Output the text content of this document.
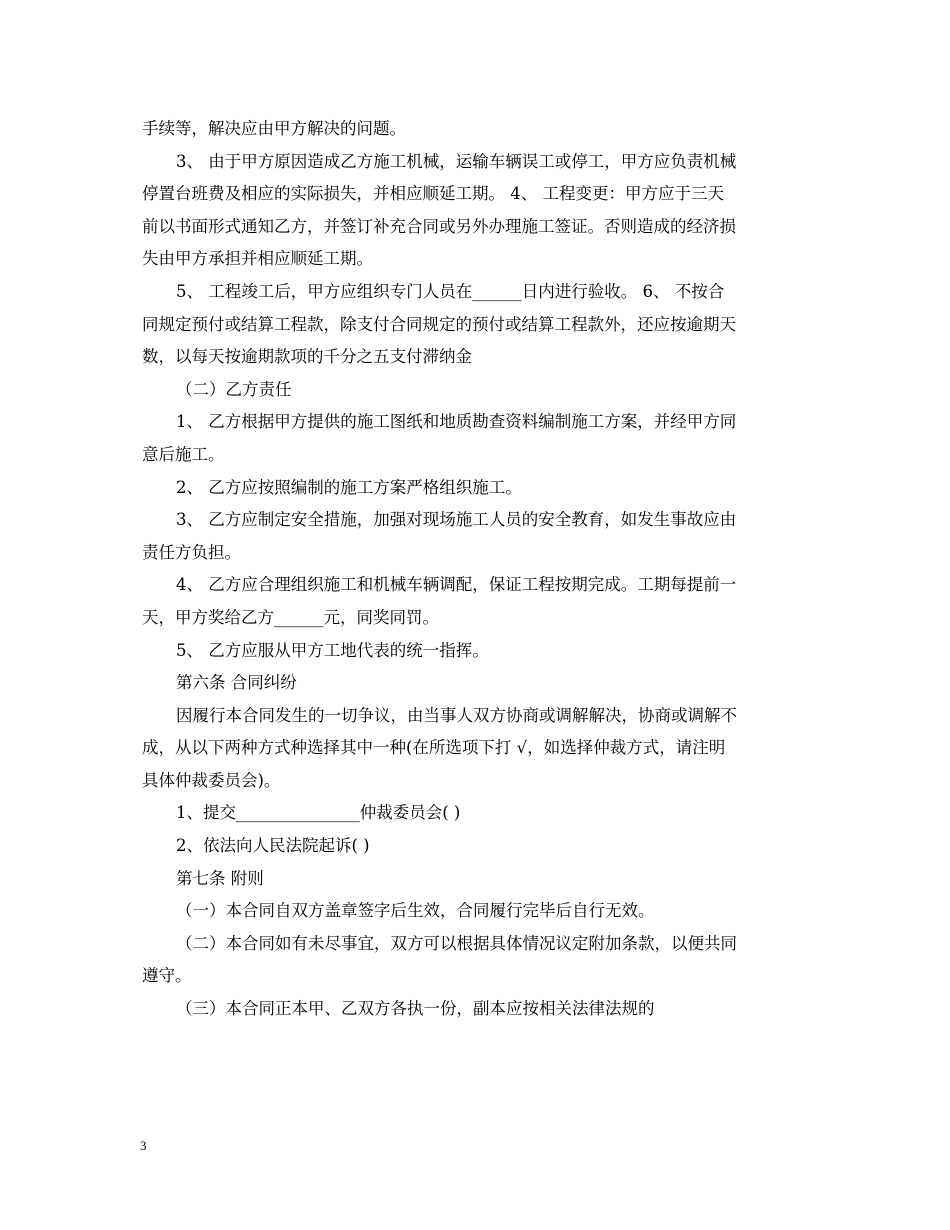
手续等，解决应由甲方解决的问题。
3、 由于甲方原因造成乙方施工机械，运输车辆误工或停工，甲方应负责机械
停置台班费及相应的实际损失，并相应顺延工期。 4、 工程变更：甲方应于三天
前以书面形式通知乙方，并签订补充合同或另外办理施工签证。否则造成的经济损
失由甲方承担并相应顺延工期。
5、 工程竣工后，甲方应组织专门人员在______日内进行验收。 6、 不按合
同规定预付或结算工程款，除支付合同规定的预付或结算工程款外，还应按逾期天
数，以每天按逾期款项的千分之五支付滞纳金
（二）乙方责任
1、 乙方根据甲方提供的施工图纸和地质勘查资料编制施工方案，并经甲方同
意后施工。
2、 乙方应按照编制的施工方案严格组织施工。
3、 乙方应制定安全措施，加强对现场施工人员的安全教育，如发生事故应由
责任方负担。
4、 乙方应合理组织施工和机械车辆调配，保证工程按期完成。工期每提前一
天，甲方奖给乙方______元，同奖同罚。
5、 乙方应服从甲方工地代表的统一指挥。
第六条 合同纠纷
因履行本合同发生的一切争议，由当事人双方协商或调解解决，协商或调解不
成，从以下两种方式种选择其中一种(在所选项下打 √，如选择仲裁方式，请注明
具体仲裁委员会)。
1、提交_______________仲裁委员会( )
2、依法向人民法院起诉( )
第七条 附则
（一）本合同自双方盖章签字后生效，合同履行完毕后自行无效。
（二）本合同如有未尽事宜，双方可以根据具体情况议定附加条款，以便共同
遵守。
（三）本合同正本甲、乙双方各执一份，副本应按相关法律法规的
3
